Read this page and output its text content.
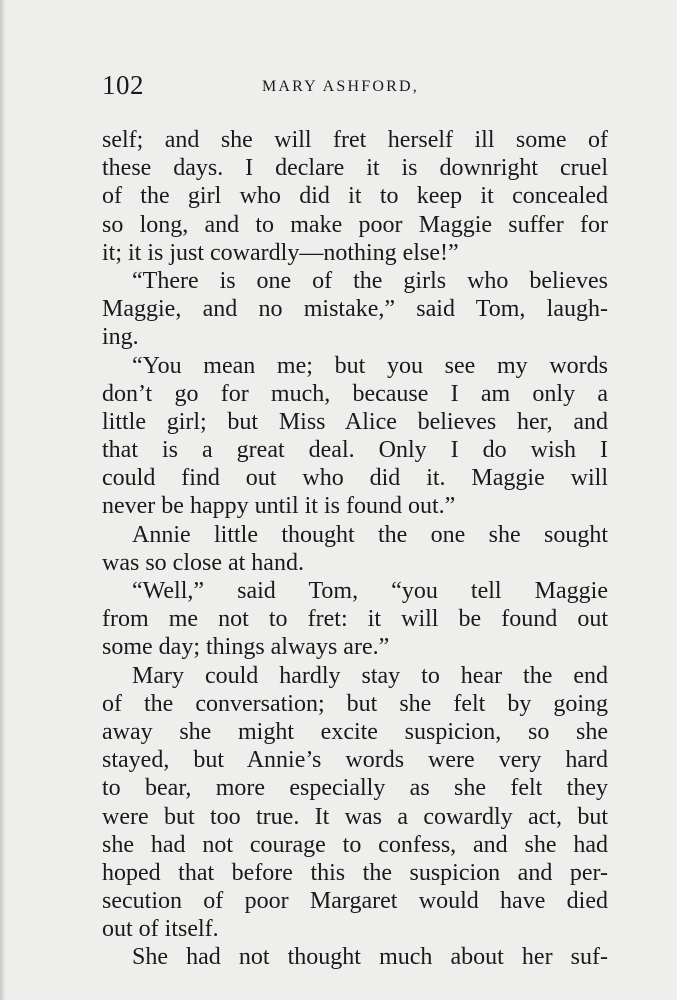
102	MARY ASHFORD,
self; and she will fret herself ill some of
these days. I declare it is downright cruel
of the girl who did it to keep it concealed
so long, and to make poor Maggie suffer for
it; it is just cowardly—nothing else!”
“There is one of the girls who believes
Maggie, and no mistake,” said Tom, laugh-
ing.
“You mean me; but you see my words
don’t go for much, because I am only a
little girl; but Miss Alice believes her, and
that is a great deal. Only I do wish I
could find out who did it. Maggie will
never be happy until it is found out.”
Annie little thought the one she sought
was so close at hand.
“Well,” said Tom, “you tell Maggie
from me not to fret: it will be found out
some day; things always are.”
Mary could hardly stay to hear the end
of the conversation; but she felt by going
away she might excite suspicion, so she
stayed, but Annie’s words were very hard
to bear, more especially as she felt they
were but too true. It was a cowardly act, but
she had not courage to confess, and she had
hoped that before this the suspicion and per-
secution of poor Margaret would have died
out of itself.
She had not thought much about her suf-
